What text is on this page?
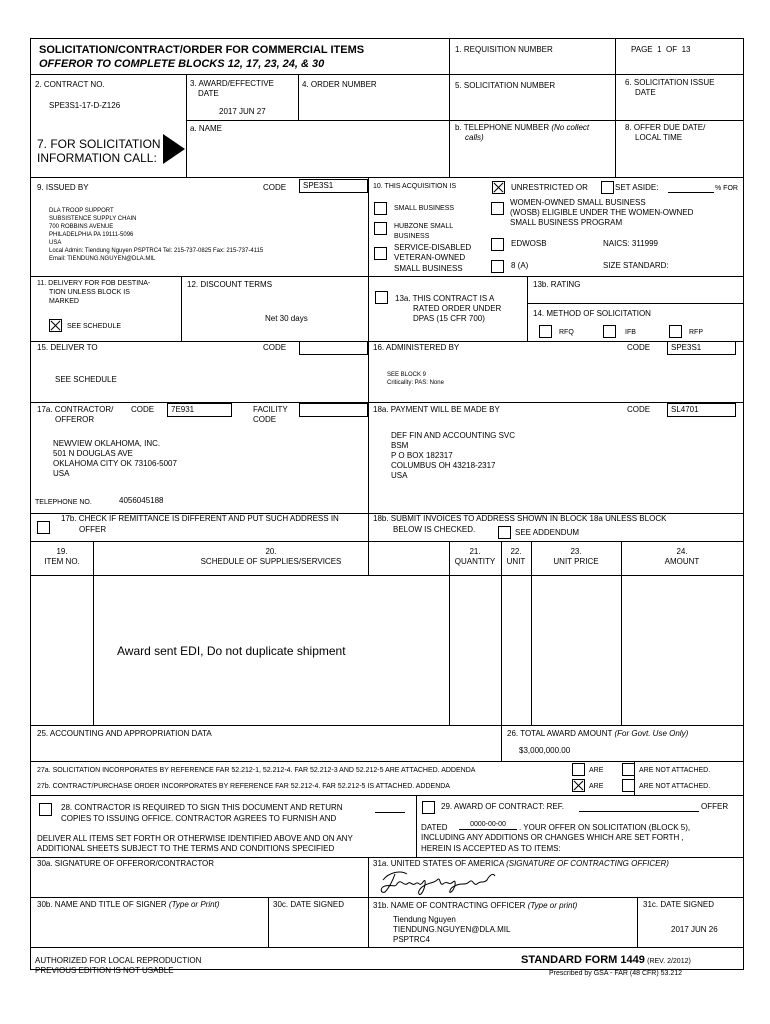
SOLICITATION/CONTRACT/ORDER FOR COMMERCIAL ITEMS
OFFEROR TO COMPLETE BLOCKS 12, 17, 23, 24, & 30
1. REQUISITION NUMBER	PAGE 1 OF 13
2. CONTRACT NO.
SPE3S1-17-D-Z126
3. AWARD/EFFECTIVE
DATE
2017 JUN 27
4. ORDER NUMBER	5. SOLICITATION NUMBER	6. SOLICITATION ISSUE
DATE
7. FOR SOLICITATION
INFORMATION CALL:
a. NAME	b. TELEPHONE NUMBER (No collect
calls)
8. OFFER DUE DATE/
LOCAL TIME
9. ISSUED BY	CODE	SPE3S1
DLA TROOP SUPPORT
SUBSISTENCE SUPPLY CHAIN
700 ROBBINS AVENUE
PHILADELPHIA PA 19111-5096
USA
Local Admin: Tiendung Nguyen PSPTRC4 Tel: 215-737-0825 Fax: 215-737-4115
Email: TIENDUNG.NGUYEN@DLA.MIL
10. THIS ACQUISITION IS	UNRESTRICTED OR	SET ASIDE:	% FOR
SMALL BUSINESS
HUBZONE SMALL
BUSINESS
SERVICE-DISABLED
VETERAN-OWNED
SMALL BUSINESS
WOMEN-OWNED SMALL BUSINESS
(WOSB) ELIGIBLE UNDER THE WOMEN-OWNED
SMALL BUSINESS PROGRAM
EDWOSB	NAICS: 311999
8 (A)	SIZE STANDARD:
11. DELIVERY FOR FOB DESTINA-
TION UNLESS BLOCK IS
MARKED
SEE SCHEDULE
12. DISCOUNT TERMS
Net 30 days
13a. THIS CONTRACT IS A
RATED ORDER UNDER
DPAS (15 CFR 700)
13b. RATING
14. METHOD OF SOLICITATION
RFQ	IFB	RFP
15. DELIVER TO	CODE
SEE SCHEDULE
16. ADMINISTERED BY	CODE	SPE3S1
SEE BLOCK 9
Criticality: PAS: None
17a. CONTRACTOR/
OFFEROR
CODE	7E931	FACILITY
CODE
NEWVIEW OKLAHOMA, INC.
501 N DOUGLAS AVE
OKLAHOMA CITY OK 73106-5007
USA
TELEPHONE NO.	4056045188
17b. CHECK IF REMITTANCE IS DIFFERENT AND PUT SUCH ADDRESS IN
OFFER
18a. PAYMENT WILL BE MADE BY	CODE	SL4701
DEF FIN AND ACCOUNTING SVC
BSM
P O BOX 182317
COLUMBUS OH 43218-2317
USA
18b. SUBMIT INVOICES TO ADDRESS SHOWN IN BLOCK 18a UNLESS BLOCK
BELOW IS CHECKED.	SEE ADDENDUM
19.
ITEM NO.
20.
SCHEDULE OF SUPPLIES/SERVICES
21.
QUANTITY
22.
UNIT
23.
UNIT PRICE
24.
AMOUNT
Award sent EDI, Do not duplicate shipment
25. ACCOUNTING AND APPROPRIATION DATA	26. TOTAL AWARD AMOUNT (For Govt. Use Only)
$3,000,000.00
27a. SOLICITATION INCORPORATES BY REFERENCE FAR 52.212-1, 52.212-4. FAR 52.212-3 AND 52.212-5 ARE ATTACHED. ADDENDA	ARE	ARE NOT ATTACHED.
27b. CONTRACT/PURCHASE ORDER INCORPORATES BY REFERENCE FAR 52.212-4. FAR 52.212-5 IS ATTACHED. ADDENDA	ARE	ARE NOT ATTACHED.
28. CONTRACTOR IS REQUIRED TO SIGN THIS DOCUMENT AND RETURN
COPIES TO ISSUING OFFICE. CONTRACTOR AGREES TO FURNISH AND
DELIVER ALL ITEMS SET FORTH OR OTHERWISE IDENTIFIED ABOVE AND ON ANY
ADDITIONAL SHEETS SUBJECT TO THE TERMS AND CONDITIONS SPECIFIED
29. AWARD OF CONTRACT: REF.	OFFER
DATED	0000-00-00	. YOUR OFFER ON SOLICITATION (BLOCK 5),
INCLUDING ANY ADDITIONS OR CHANGES WHICH ARE SET FORTH ,
HEREIN IS ACCEPTED AS TO ITEMS:
30a. SIGNATURE OF OFFEROR/CONTRACTOR	31a. UNITED STATES OF AMERICA (SIGNATURE OF CONTRACTING OFFICER)
30b. NAME AND TITLE OF SIGNER (Type or Print)	30c. DATE SIGNED	31b. NAME OF CONTRACTING OFFICER (Type or print)
Tiendung Nguyen
TIENDUNG.NGUYEN@DLA.MIL
PSPTRC4
31c. DATE SIGNED
2017 JUN 26
AUTHORIZED FOR LOCAL REPRODUCTION
PREVIOUS EDITION IS NOT USABLE
STANDARD FORM 1449 (REV. 2/2012)
Prescribed by GSA - FAR (48 CFR) 53.212
